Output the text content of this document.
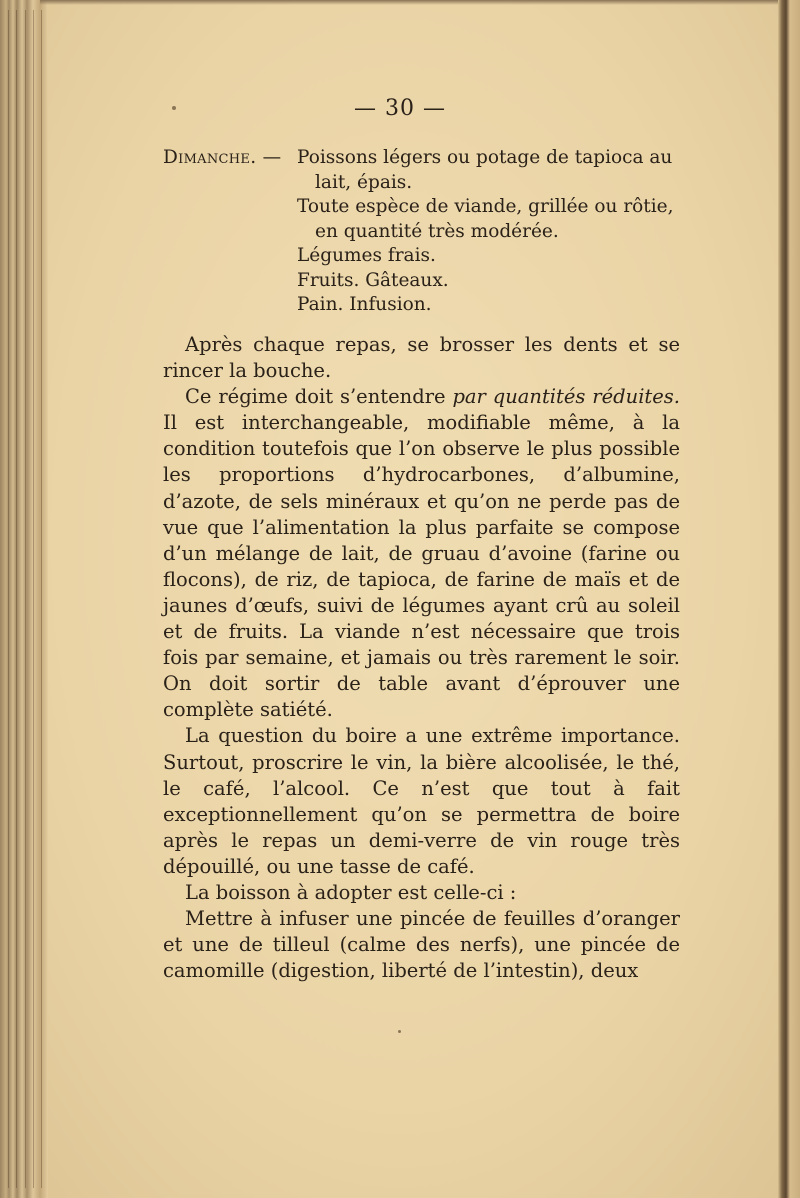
— 30 —
Dimanche. — Poissons légers ou potage de tapioca au lait, épais.
Toute espèce de viande, grillée ou rôtie, en quantité très modérée.
Légumes frais.
Fruits. Gâteaux.
Pain. Infusion.

Après chaque repas, se brosser les dents et se rincer la bouche.

Ce régime doit s’entendre par quantités réduites. Il est interchangeable, modifiable même, à la condition toutefois que l’on observe le plus possible les proportions d’hydrocarbones, d’albumine, d’azote, de sels minéraux et qu’on ne perde pas de vue que l’alimentation la plus parfaite se compose d’un mélange de lait, de gruau d’avoine (farine ou flocons), de riz, de tapioca, de farine de maïs et de jaunes d’œufs, suivi de légumes ayant crû au soleil et de fruits. La viande n’est nécessaire que trois fois par semaine, et jamais ou très rarement le soir. On doit sortir de table avant d’éprouver une complète satiété.

La question du boire a une extrême importance. Surtout, proscrire le vin, la bière alcoolisée, le thé, le café, l’alcool. Ce n’est que tout à fait exceptionnellement qu’on se permettra de boire après le repas un demi-verre de vin rouge très dépouillé, ou une tasse de café.

La boisson à adopter est celle-ci :

Mettre à infuser une pincée de feuilles d’oranger et une de tilleul (calme des nerfs), une pincée de camomille (digestion, liberté de l’intestin), deux
